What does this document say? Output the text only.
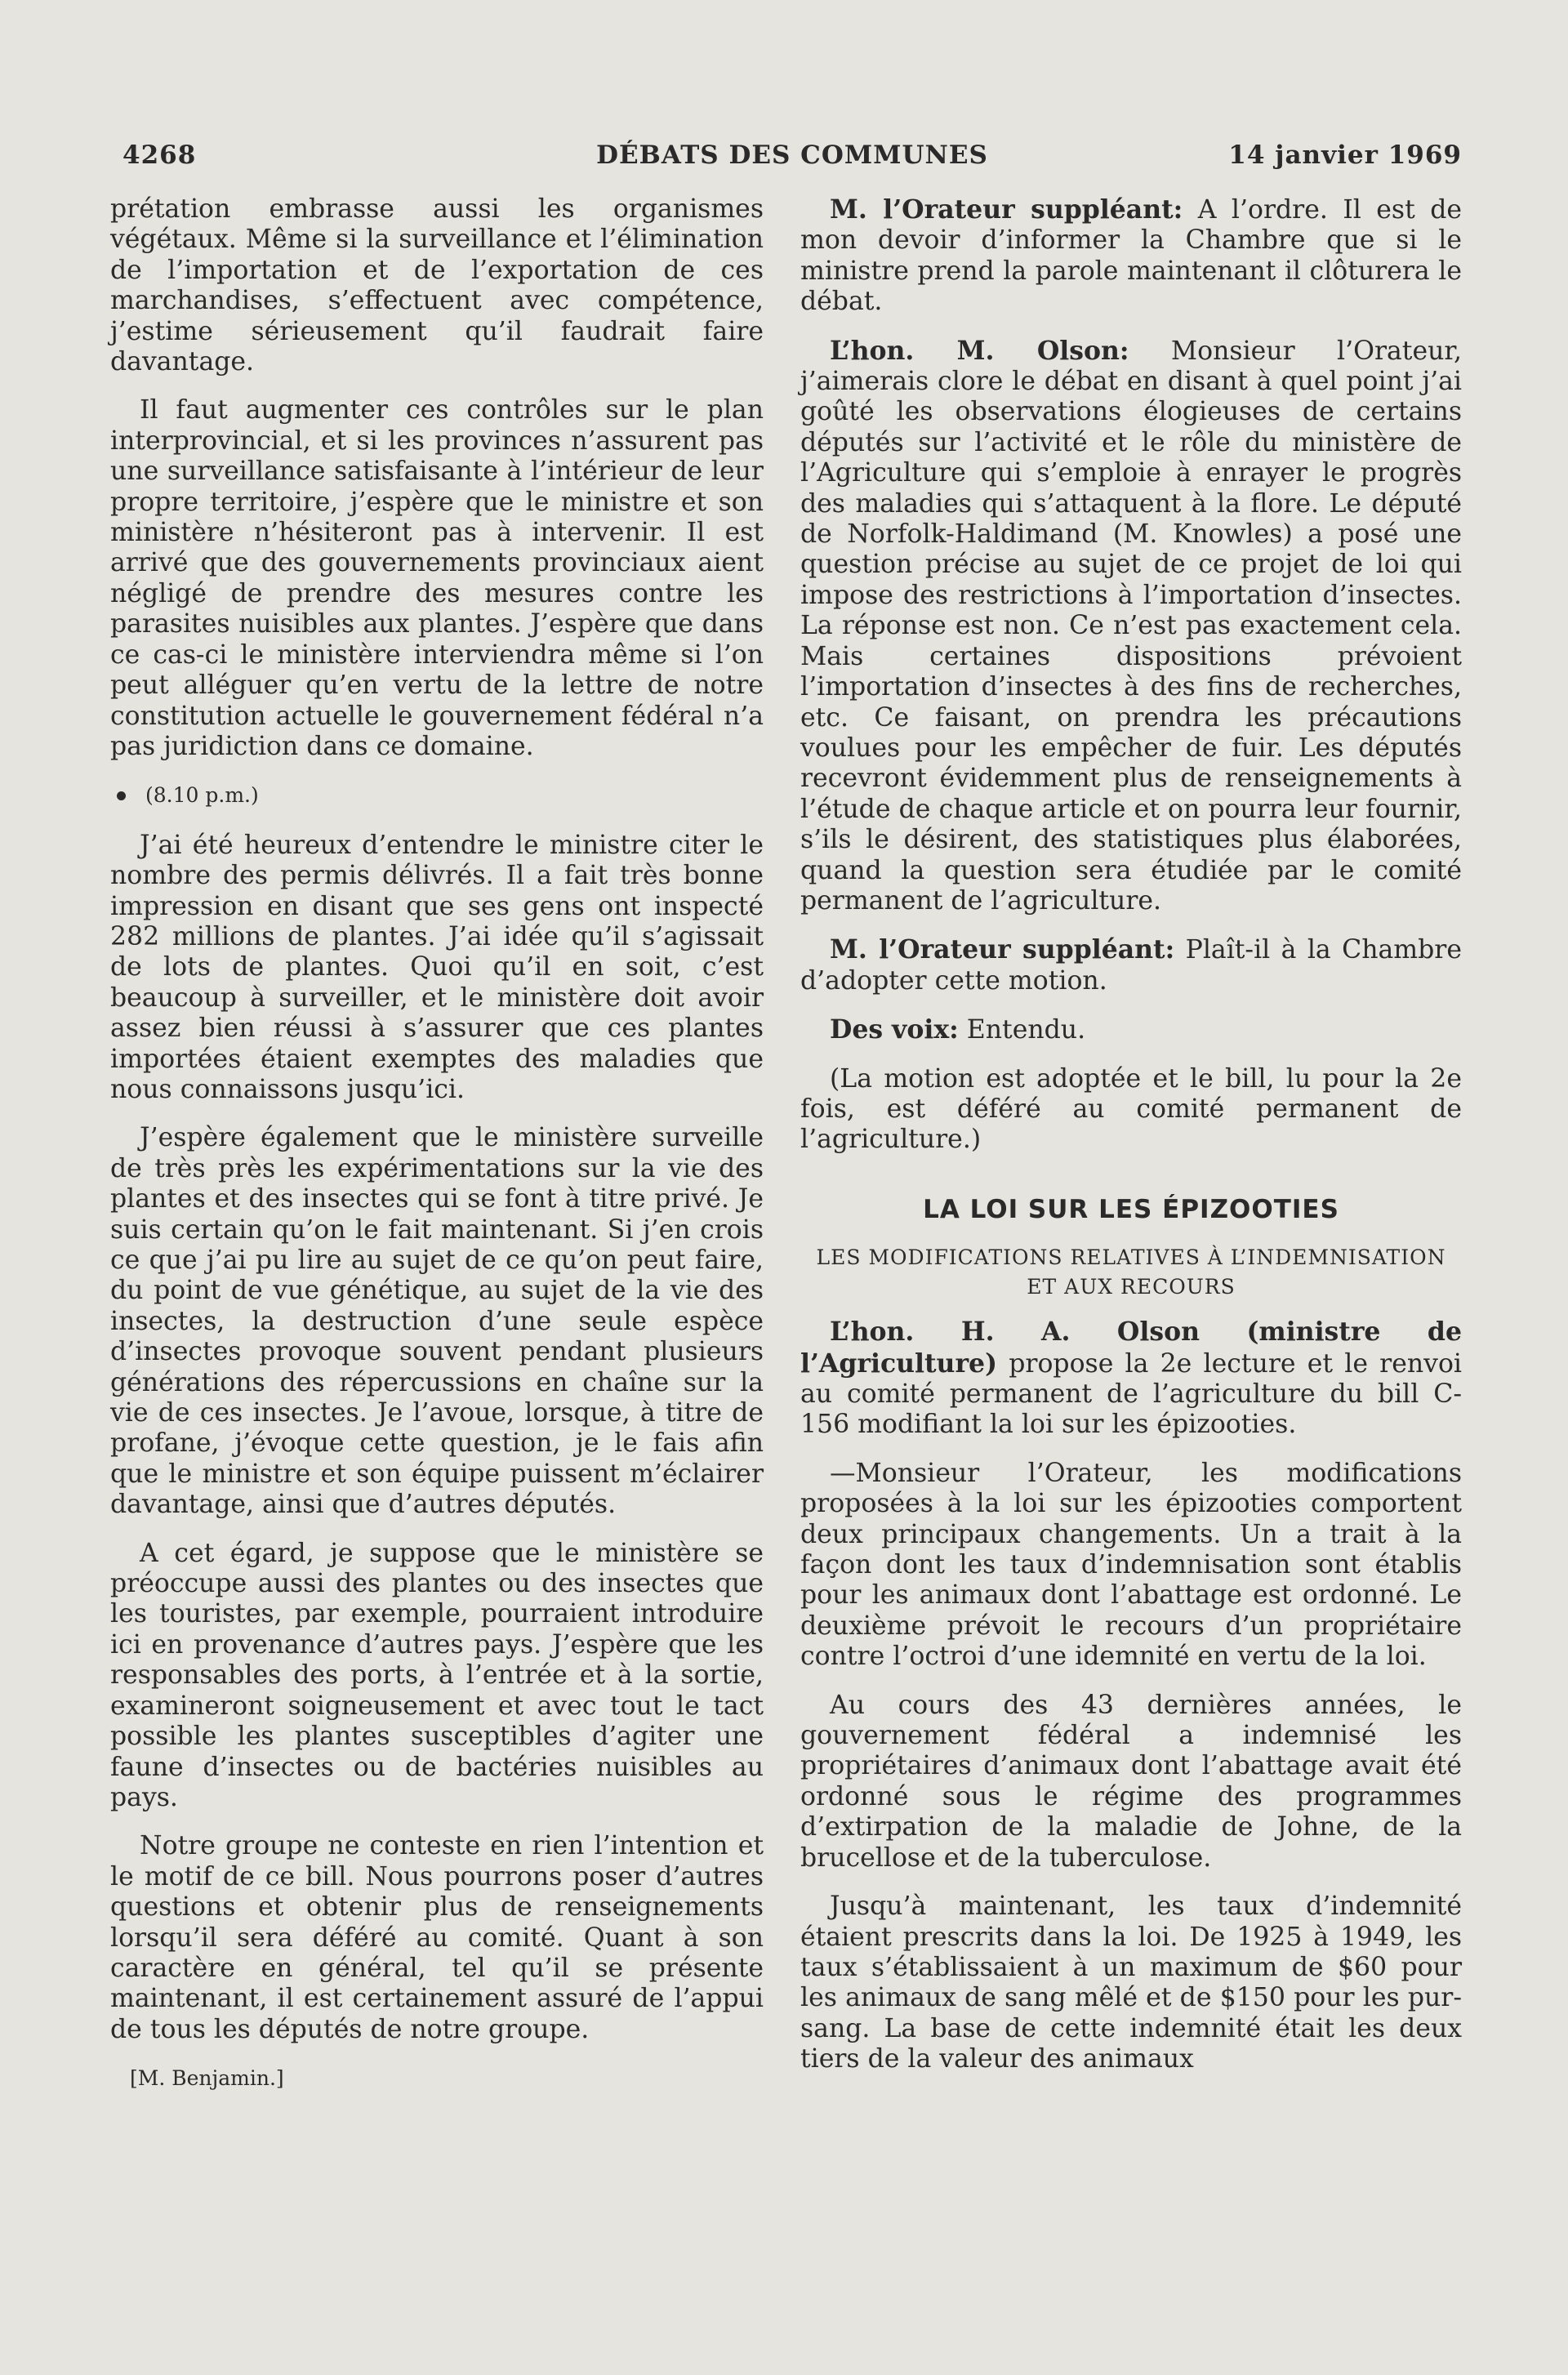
4268	DÉBATS DES COMMUNES	14 janvier 1969

prétation embrasse aussi les organismes végétaux. Même si la surveillance et l’élimination de l’importation et de l’exportation de ces marchandises, s’effectuent avec compétence, j’estime sérieusement qu’il faudrait faire davantage.

Il faut augmenter ces contrôles sur le plan interprovincial, et si les provinces n’assurent pas une surveillance satisfaisante à l’intérieur de leur propre territoire, j’espère que le ministre et son ministère n’hésiteront pas à intervenir. Il est arrivé que des gouvernements provinciaux aient négligé de prendre des mesures contre les parasites nuisibles aux plantes. J’espère que dans ce cas-ci le ministère interviendra même si l’on peut alléguer qu’en vertu de la lettre de notre constitution actuelle le gouvernement fédéral n’a pas juridiction dans ce domaine.

(8.10 p.m.)

J’ai été heureux d’entendre le ministre citer le nombre des permis délivrés. Il a fait très bonne impression en disant que ses gens ont inspecté 282 millions de plantes. J’ai idée qu’il s’agissait de lots de plantes. Quoi qu’il en soit, c’est beaucoup à surveiller, et le ministère doit avoir assez bien réussi à s’assurer que ces plantes importées étaient exemptes des maladies que nous connaissons jusqu’ici.

J’espère également que le ministère surveille de très près les expérimentations sur la vie des plantes et des insectes qui se font à titre privé. Je suis certain qu’on le fait maintenant. Si j’en crois ce que j’ai pu lire au sujet de ce qu’on peut faire, du point de vue génétique, au sujet de la vie des insectes, la destruction d’une seule espèce d’insectes provoque souvent pendant plusieurs générations des répercussions en chaîne sur la vie de ces insectes. Je l’avoue, lorsque, à titre de profane, j’évoque cette question, je le fais afin que le ministre et son équipe puissent m’éclairer davantage, ainsi que d’autres députés.

A cet égard, je suppose que le ministère se préoccupe aussi des plantes ou des insectes que les touristes, par exemple, pourraient introduire ici en provenance d’autres pays. J’espère que les responsables des ports, à l’entrée et à la sortie, examineront soigneusement et avec tout le tact possible les plantes susceptibles d’agiter une faune d’insectes ou de bactéries nuisibles au pays.

Notre groupe ne conteste en rien l’intention et le motif de ce bill. Nous pourrons poser d’autres questions et obtenir plus de renseignements lorsqu’il sera déféré au comité. Quant à son caractère en général, tel qu’il se présente maintenant, il est certainement assuré de l’appui de tous les députés de notre groupe.

[M. Benjamin.]

M. l’Orateur suppléant: A l’ordre. Il est de mon devoir d’informer la Chambre que si le ministre prend la parole maintenant il clôturera le débat.

L’hon. M. Olson: Monsieur l’Orateur, j’aimerais clore le débat en disant à quel point j’ai goûté les observations élogieuses de certains députés sur l’activité et le rôle du ministère de l’Agriculture qui s’emploie à enrayer le progrès des maladies qui s’attaquent à la flore. Le député de Norfolk-Haldimand (M. Knowles) a posé une question précise au sujet de ce projet de loi qui impose des restrictions à l’importation d’insectes. La réponse est non. Ce n’est pas exactement cela. Mais certaines dispositions prévoient l’importation d’insectes à des fins de recherches, etc. Ce faisant, on prendra les précautions voulues pour les empêcher de fuir. Les députés recevront évidemment plus de renseignements à l’étude de chaque article et on pourra leur fournir, s’ils le désirent, des statistiques plus élaborées, quand la question sera étudiée par le comité permanent de l’agriculture.

M. l’Orateur suppléant: Plaît-il à la Chambre d’adopter cette motion.

Des voix: Entendu.

(La motion est adoptée et le bill, lu pour la 2e fois, est déféré au comité permanent de l’agriculture.)

LA LOI SUR LES ÉPIZOOTIES
LES MODIFICATIONS RELATIVES À L’INDEMNISATION ET AUX RECOURS

L’hon. H. A. Olson (ministre de l’Agriculture) propose la 2e lecture et le renvoi au comité permanent de l’agriculture du bill C-156 modifiant la loi sur les épizooties.

—Monsieur l’Orateur, les modifications proposées à la loi sur les épizooties comportent deux principaux changements. Un a trait à la façon dont les taux d’indemnisation sont établis pour les animaux dont l’abattage est ordonné. Le deuxième prévoit le recours d’un propriétaire contre l’octroi d’une idemnité en vertu de la loi.

Au cours des 43 dernières années, le gouvernement fédéral a indemnisé les propriétaires d’animaux dont l’abattage avait été ordonné sous le régime des programmes d’extirpation de la maladie de Johne, de la brucellose et de la tuberculose.

Jusqu’à maintenant, les taux d’indemnité étaient prescrits dans la loi. De 1925 à 1949, les taux s’établissaient à un maximum de $60 pour les animaux de sang mêlé et de $150 pour les pur-sang. La base de cette indemnité était les deux tiers de la valeur des animaux
